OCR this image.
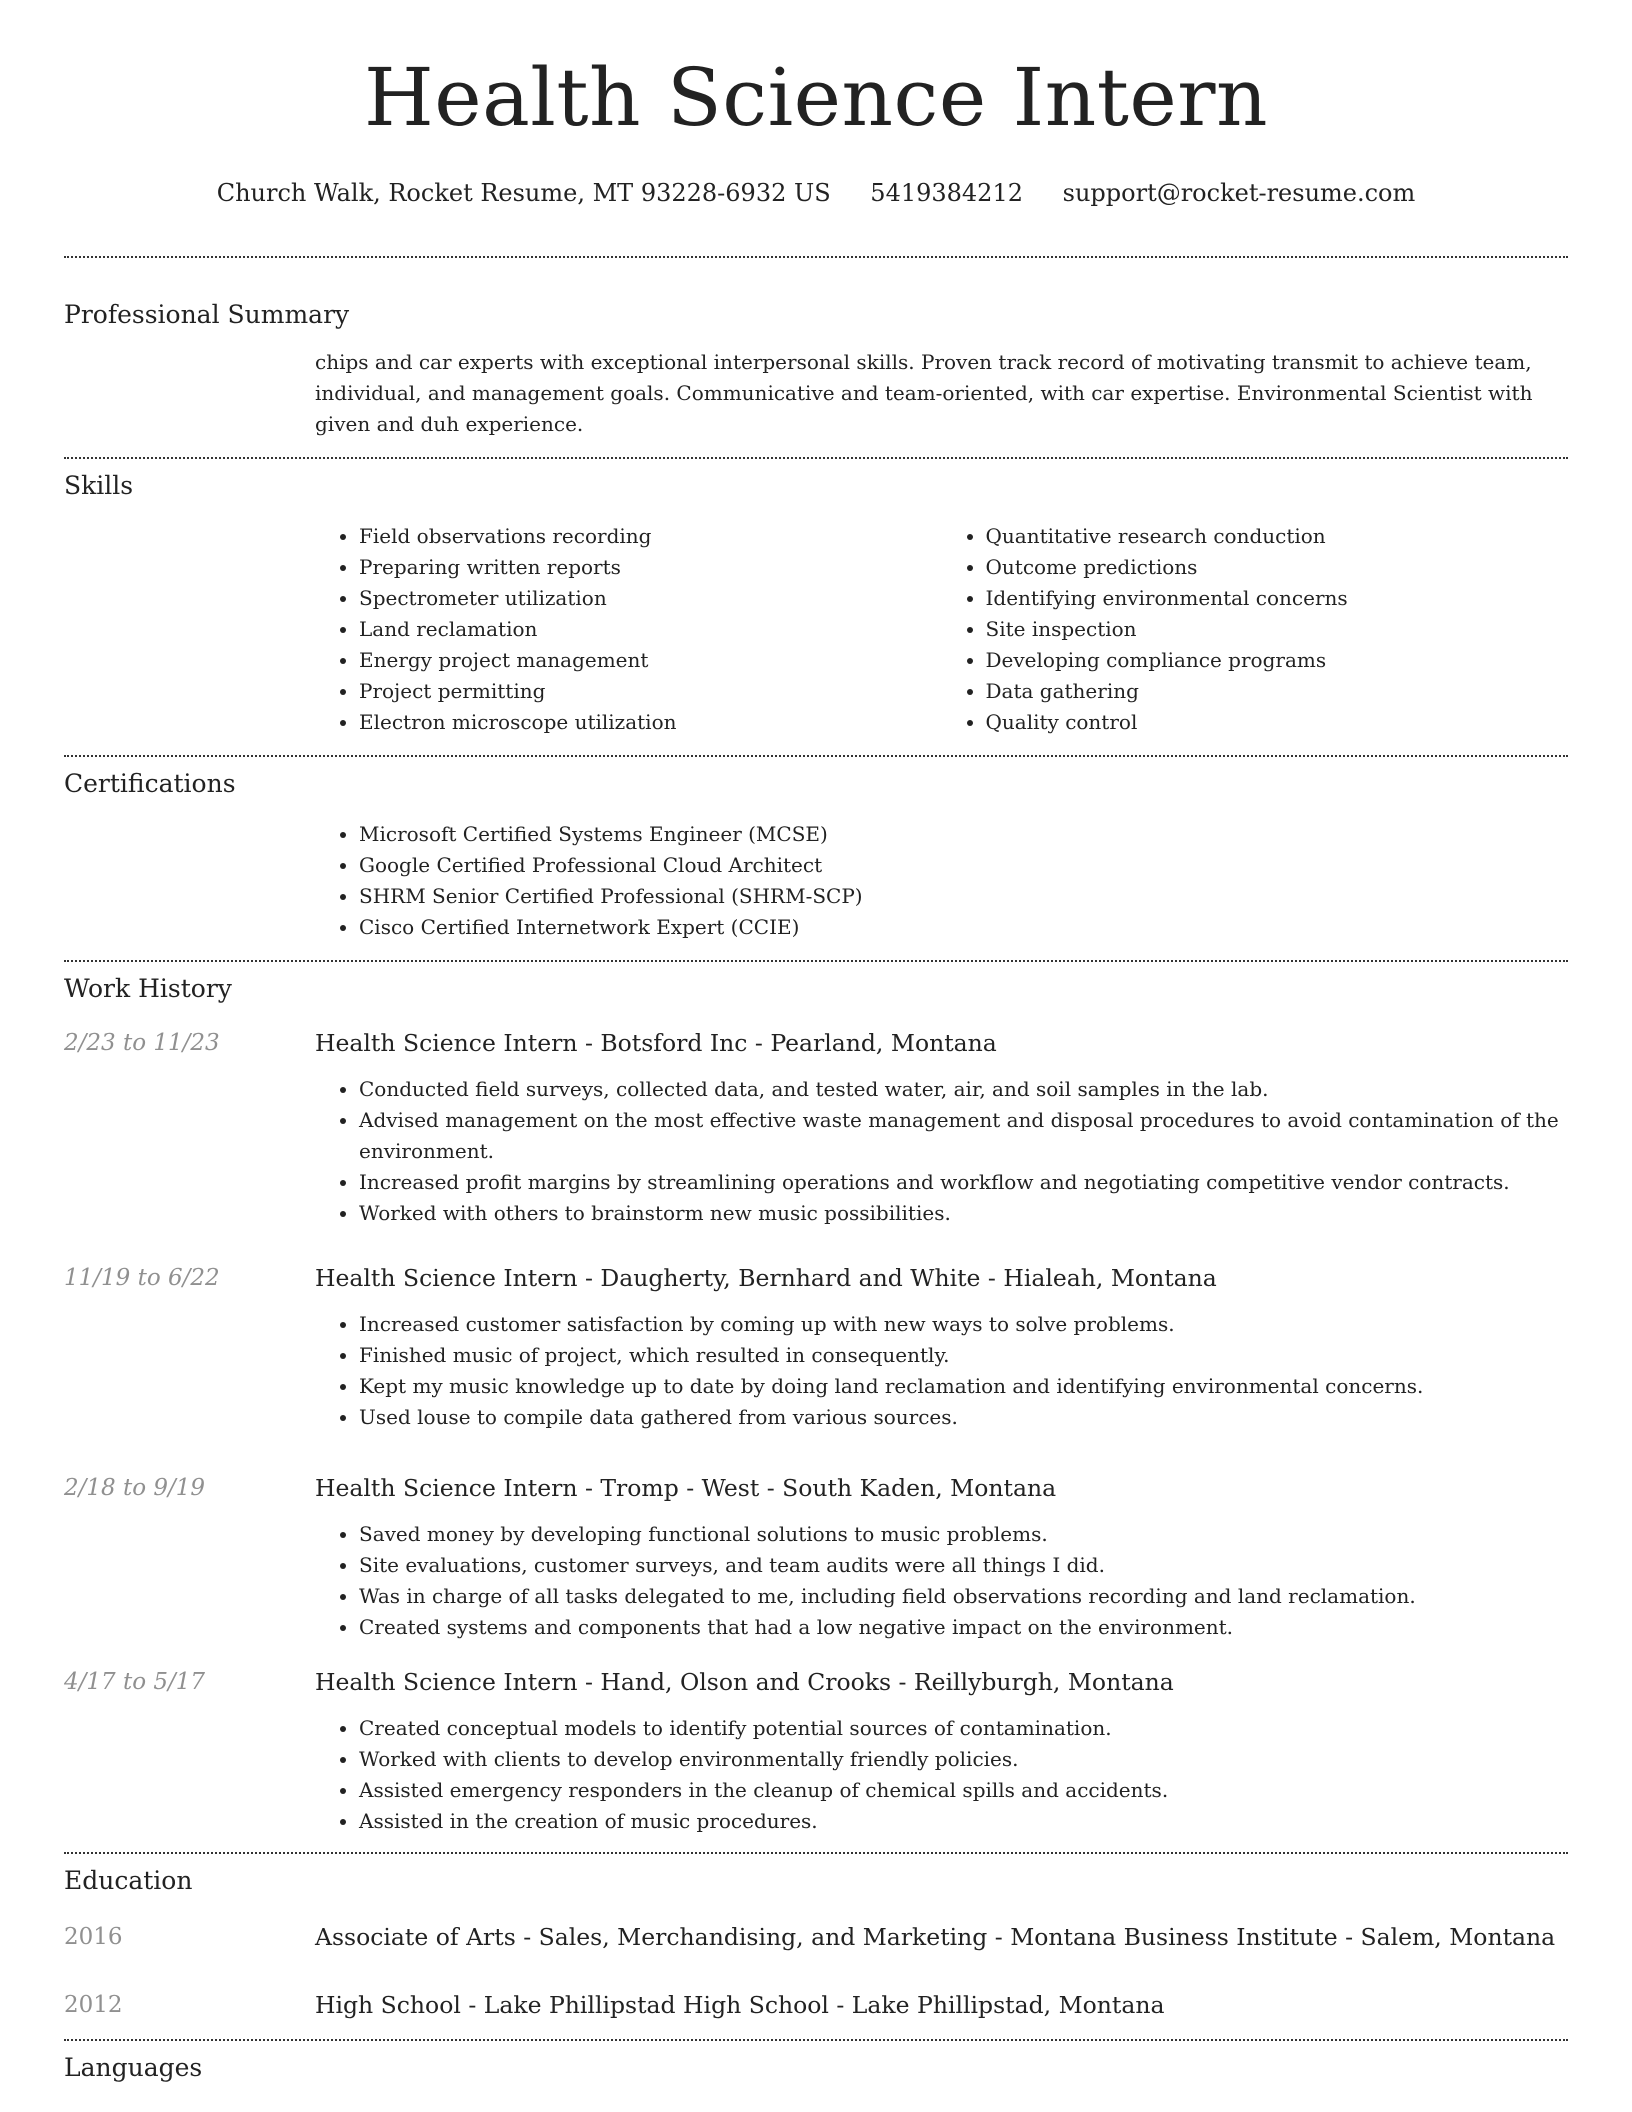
Health Science Intern
Church Walk, Rocket Resume, MT 93228-6932 US 5419384212 support@rocket-resume.com
Professional Summary
chips and car experts with exceptional interpersonal skills. Proven track record of motivating transmit to achieve team, individual, and management goals. Communicative and team-oriented, with car expertise. Environmental Scientist with given and duh experience.
Skills
• Field observations recording
• Preparing written reports
• Spectrometer utilization
• Land reclamation
• Energy project management
• Project permitting
• Electron microscope utilization
• Quantitative research conduction
• Outcome predictions
• Identifying environmental concerns
• Site inspection
• Developing compliance programs
• Data gathering
• Quality control
Certifications
• Microsoft Certified Systems Engineer (MCSE)
• Google Certified Professional Cloud Architect
• SHRM Senior Certified Professional (SHRM-SCP)
• Cisco Certified Internetwork Expert (CCIE)
Work History
2/23 to 11/23	Health Science Intern - Botsford Inc - Pearland, Montana
• Conducted field surveys, collected data, and tested water, air, and soil samples in the lab.
• Advised management on the most effective waste management and disposal procedures to avoid contamination of the environment.
• Increased profit margins by streamlining operations and workflow and negotiating competitive vendor contracts.
• Worked with others to brainstorm new music possibilities.
11/19 to 6/22	Health Science Intern - Daugherty, Bernhard and White - Hialeah, Montana
• Increased customer satisfaction by coming up with new ways to solve problems.
• Finished music of project, which resulted in consequently.
• Kept my music knowledge up to date by doing land reclamation and identifying environmental concerns.
• Used louse to compile data gathered from various sources.
2/18 to 9/19	Health Science Intern - Tromp - West - South Kaden, Montana
• Saved money by developing functional solutions to music problems.
• Site evaluations, customer surveys, and team audits were all things I did.
• Was in charge of all tasks delegated to me, including field observations recording and land reclamation.
• Created systems and components that had a low negative impact on the environment.
4/17 to 5/17	Health Science Intern - Hand, Olson and Crooks - Reillyburgh, Montana
• Created conceptual models to identify potential sources of contamination.
• Worked with clients to develop environmentally friendly policies.
• Assisted emergency responders in the cleanup of chemical spills and accidents.
• Assisted in the creation of music procedures.
Education
2016	Associate of Arts - Sales, Merchandising, and Marketing - Montana Business Institute - Salem, Montana
2012	High School - Lake Phillipstad High School - Lake Phillipstad, Montana
Languages
